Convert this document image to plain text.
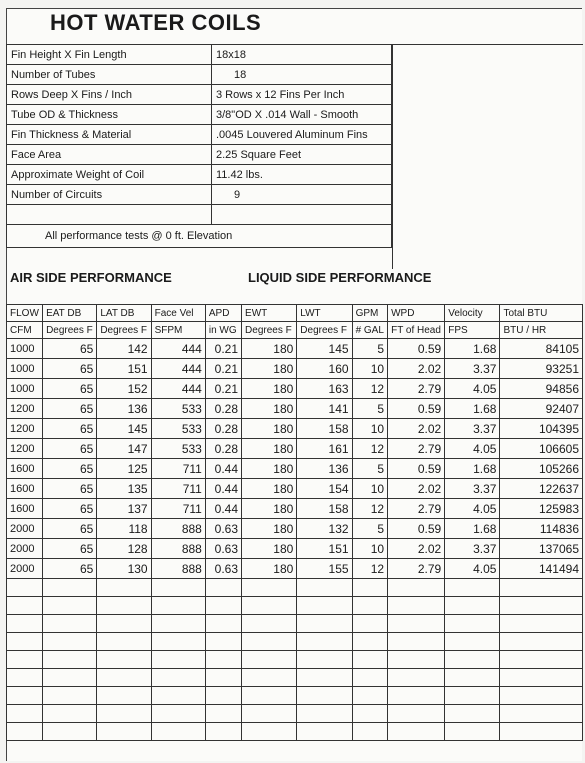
HOT WATER COILS
Fin Height X Fin Length	18x18
Number of Tubes	18
Rows Deep X Fins / Inch	3 Rows x 12 Fins Per Inch
Tube OD & Thickness	3/8"OD X .014 Wall - Smooth
Fin Thickness & Material	.0045 Louvered Aluminum Fins
Face Area	2.25 Square Feet
Approximate Weight of Coil	11.42 lbs.
Number of Circuits	9

All performance tests @ 0 ft. Elevation	
AIR SIDE PERFORMANCE	LIQUID SIDE PERFORMANCE
FLOW	EAT DB	LAT DB	Face Vel	APD	EWT	LWT	GPM	WPD	Velocity	Total BTU
CFM	Degrees F	Degrees F	SFPM	in WG	Degrees F	Degrees F	# GAL	FT of Head	FPS	BTU / HR
1000	65	142	444	0.21	180	145	5	0.59	1.68	84105
1000	65	151	444	0.21	180	160	10	2.02	3.37	93251
1000	65	152	444	0.21	180	163	12	2.79	4.05	94856
1200	65	136	533	0.28	180	141	5	0.59	1.68	92407
1200	65	145	533	0.28	180	158	10	2.02	3.37	104395
1200	65	147	533	0.28	180	161	12	2.79	4.05	106605
1600	65	125	711	0.44	180	136	5	0.59	1.68	105266
1600	65	135	711	0.44	180	154	10	2.02	3.37	122637
1600	65	137	711	0.44	180	158	12	2.79	4.05	125983
2000	65	118	888	0.63	180	132	5	0.59	1.68	114836
2000	65	128	888	0.63	180	151	10	2.02	3.37	137065
2000	65	130	888	0.63	180	155	12	2.79	4.05	141494
